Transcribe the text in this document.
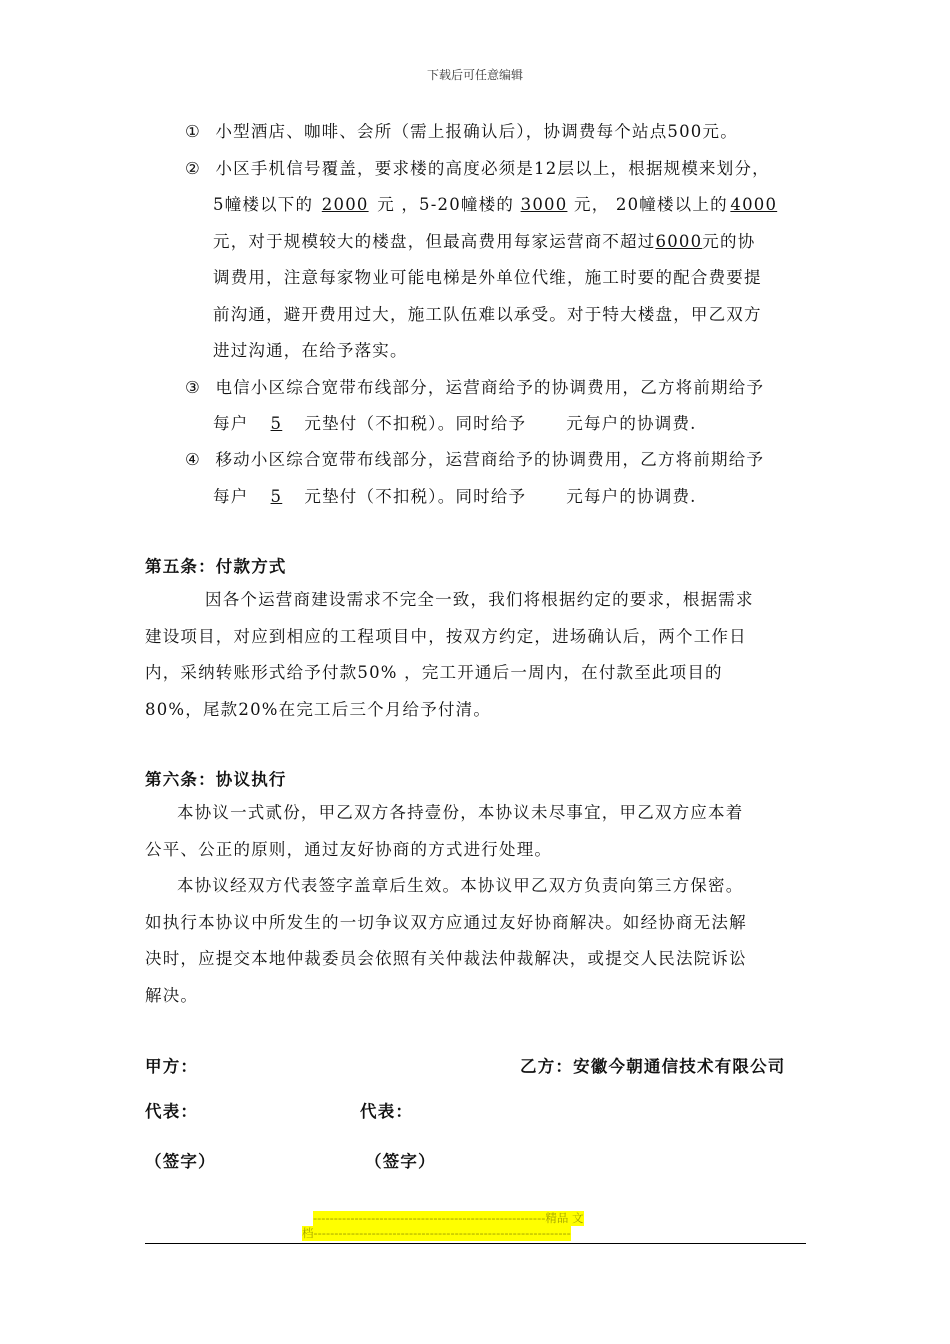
下载后可任意编辑
① 小型酒店、咖啡、会所（需上报确认后），协调费每个站点500元。
② 小区手机信号覆盖，要求楼的高度必须是12层以上，根据规模来划分，
5幢楼以下的 2000 元 ，5-20幢楼的 3000 元， 20幢楼以上的 4000
元，对于规模较大的楼盘，但最高费用每家运营商不超过6000元的协
调费用，注意每家物业可能电梯是外单位代维，施工时要的配合费要提
前沟通，避开费用过大，施工队伍难以承受。对于特大楼盘，甲乙双方
进过沟通，在给予落实。
③ 电信小区综合宽带布线部分，运营商给予的协调费用，乙方将前期给予
每户 5 元垫付（不扣税）。同时给予 元每户的协调费.
④ 移动小区综合宽带布线部分，运营商给予的协调费用，乙方将前期给予
每户 5 元垫付（不扣税）。同时给予 元每户的协调费.
第五条：付款方式
因各个运营商建设需求不完全一致，我们将根据约定的要求，根据需求
建设项目，对应到相应的工程项目中，按双方约定，进场确认后，两个工作日
内，采纳转账形式给予付款50% ，完工开通后一周内，在付款至此项目的
80%，尾款20%在完工后三个月给予付清。
第六条：协议执行
本协议一式贰份，甲乙双方各持壹份，本协议未尽事宜，甲乙双方应本着
公平、公正的原则，通过友好协商的方式进行处理。
本协议经双方代表签字盖章后生效。本协议甲乙双方负责向第三方保密。
如执行本协议中所发生的一切争议双方应通过友好协商解决。如经协商无法解
决时，应提交本地仲裁委员会依照有关仲裁法仲裁解决，或提交人民法院诉讼
解决。
甲方：	乙方：安徽今朝通信技术有限公司
代表：	代表：
（签字）	（签字）
--------------------------------------------------------精品 文
档--------------------------------------------------------------
